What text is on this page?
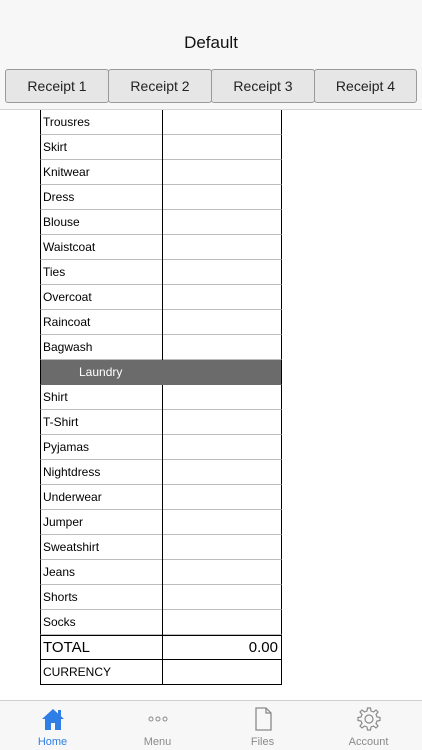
Default
Receipt 1	Receipt 2	Receipt 3	Receipt 4
Trousres
Skirt
Knitwear
Dress
Blouse
Waistcoat
Ties
Overcoat
Raincoat
Bagwash
Laundry
Shirt
T-Shirt
Pyjamas
Nightdress
Underwear
Jumper
Sweatshirt
Jeans
Shorts
Socks
TOTAL	0.00
CURRENCY
Home	Menu	Files	Account
